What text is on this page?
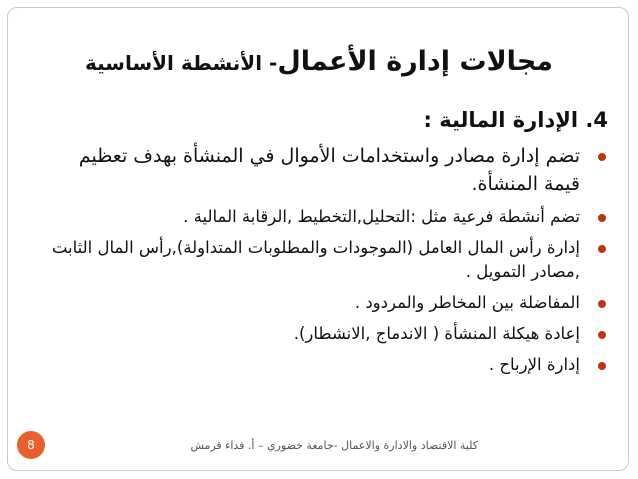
مجالات إدارة الأعمال- الأنشطة الأساسية
4. الإدارة المالية :
تضم إدارة مصادر واستخدامات الأموال في المنشأة بهدف تعظيم قيمة المنشأة.
تضم أنشطة فرعية مثل :التحليل,التخطيط ,الرقابة المالية .
إدارة رأس المال العامل (الموجودات والمطلوبات المتداولة),رأس المال الثابت ,مصادر التمويل .
المفاضلة بين المخاطر والمردود .
إعادة هيكلة المنشأة ( الاندماج ,الانشطار).
إدارة الإرباح .
كلية الاقتصاد والادارة والاعمال -جامعة خضوري – أ. فداء قرمش
8
